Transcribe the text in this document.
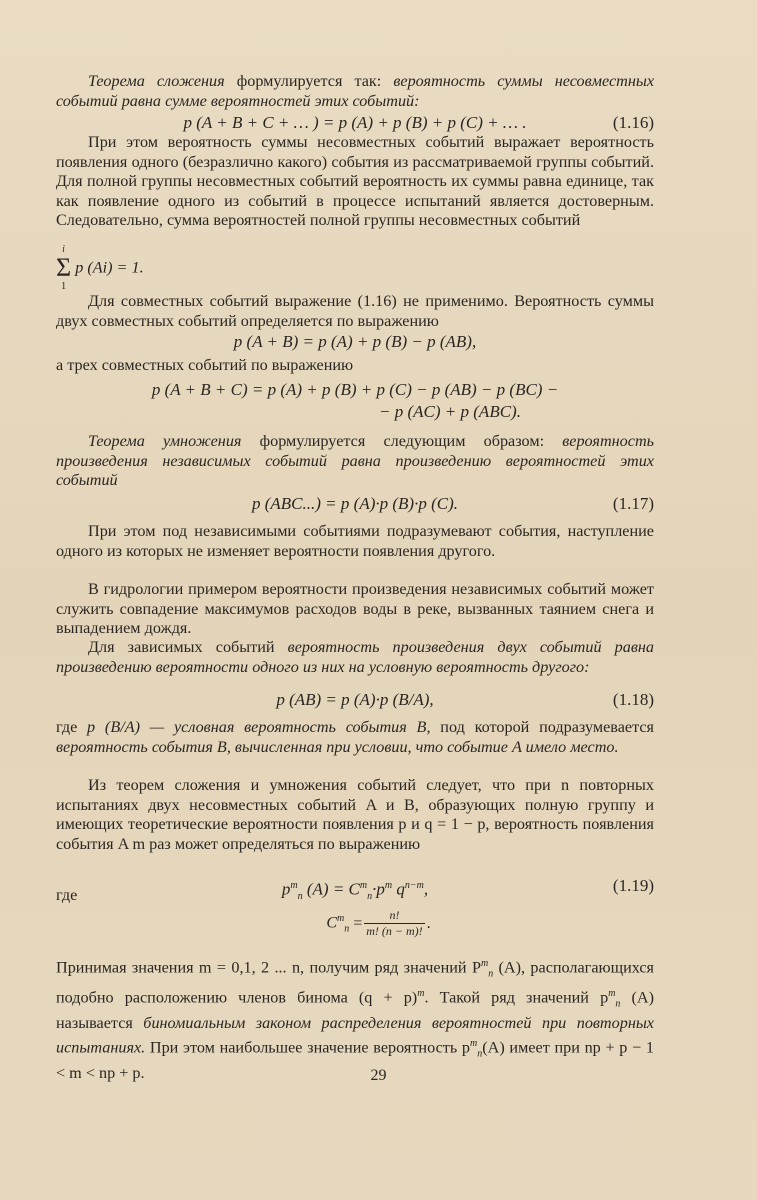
Теорема сложения формулируется так: вероятность суммы несовместных событий равна сумме вероятностей этих событий:
p (A + B + C + … ) = p (A) + p (B) + p (C) + … .	(1.16)
При этом вероятность суммы несовместных событий выражает вероятность появления одного (безразлично какого) события из рассматриваемой группы событий. Для полной группы несовместных событий вероятность их суммы равна единице, так как появление одного из событий в процессе испытаний является достоверным. Следовательно, сумма вероятностей полной группы несовместных событий
i
Σ
1 p (Ai) = 1.
Для совместных событий выражение (1.16) не применимо. Вероятность суммы двух совместных событий определяется по выражению
p (A + B) = p (A) + p (B) − p (AB),
а трех совместных событий по выражению
p (A + B + C) = p (A) + p (B) + p (C) − p (AB) − p (BC) −
− p (AC) + p (ABC).
Теорема умножения формулируется следующим образом: вероятность произведения независимых событий равна произведению вероятностей этих событий
p (ABC...) = p (A)·p (B)·p (C).	(1.17)
При этом под независимыми событиями подразумевают события, наступление одного из которых не изменяет вероятности появления другого.
В гидрологии примером вероятности произведения независимых событий может служить совпадение максимумов расходов воды в реке, вызванных таянием снега и выпадением дождя.
Для зависимых событий вероятность произведения двух событий равна произведению вероятности одного из них на условную вероятность другого:
p (AB) = p (A)·p (B/A),	(1.18)
где p (B/A) — условная вероятность события B, под которой подразумевается вероятность события B, вычисленная при условии, что событие A имело место.
Из теорем сложения и умножения событий следует, что при n повторных испытаниях двух несовместных событий A и B, образующих полную группу и имеющих теоретические вероятности появления p и q = 1 − p, вероятность появления события A m раз может определяться по выражению
$p^m_n$ $(A) = C^m_n\cdot p^m$ $q^{n-m}$,	(1.19)
где
$C^m_n$	=	n!	.
m! (n − m)!
Принимая значения m = 0,1, 2 ... n, получим ряд значений $P^m_n$ (A), располагающихся подобно расположению членов бинома $(q + p)^m$. Такой ряд значений $p^m_n$ (A) называется биномиальным законом распределения вероятностей при повторных испытаниях. При этом наибольшее значение вероятность $p^m_n(A)$ имеет при np + p − 1 < m < np + p.	29
